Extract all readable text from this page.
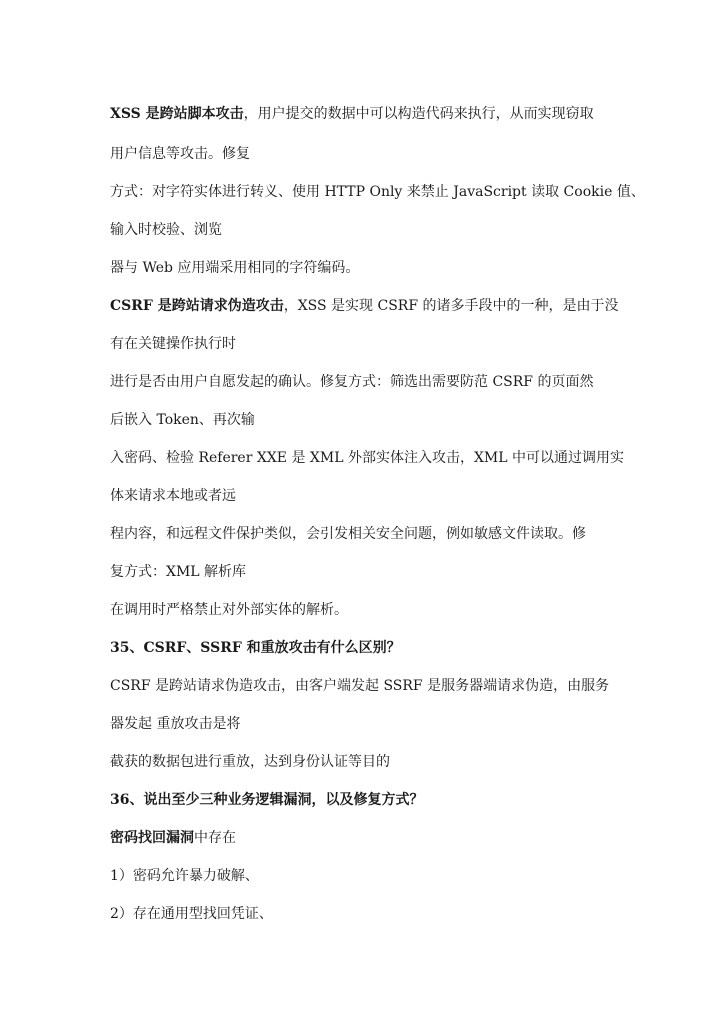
XSS 是跨站脚本攻击，用户提交的数据中可以构造代码来执行，从而实现窃取
用户信息等攻击。修复
方式：对字符实体进行转义、使用 HTTP Only 来禁止 JavaScript 读取 Cookie 值、
输入时校验、浏览
器与 Web 应用端采用相同的字符编码。
CSRF 是跨站请求伪造攻击，XSS 是实现 CSRF 的诸多手段中的一种，是由于没
有在关键操作执行时
进行是否由用户自愿发起的确认。修复方式：筛选出需要防范 CSRF 的页面然
后嵌入 Token、再次输
入密码、检验 Referer XXE 是 XML 外部实体注入攻击，XML 中可以通过调用实
体来请求本地或者远
程内容，和远程文件保护类似，会引发相关安全问题，例如敏感文件读取。修
复方式：XML 解析库
在调用时严格禁止对外部实体的解析。
35、CSRF、SSRF 和重放攻击有什么区别？
CSRF 是跨站请求伪造攻击，由客户端发起 SSRF 是服务器端请求伪造，由服务
器发起 重放攻击是将
截获的数据包进行重放，达到身份认证等目的
36、说出至少三种业务逻辑漏洞，以及修复方式？
密码找回漏洞中存在
1）密码允许暴力破解、
2）存在通用型找回凭证、
